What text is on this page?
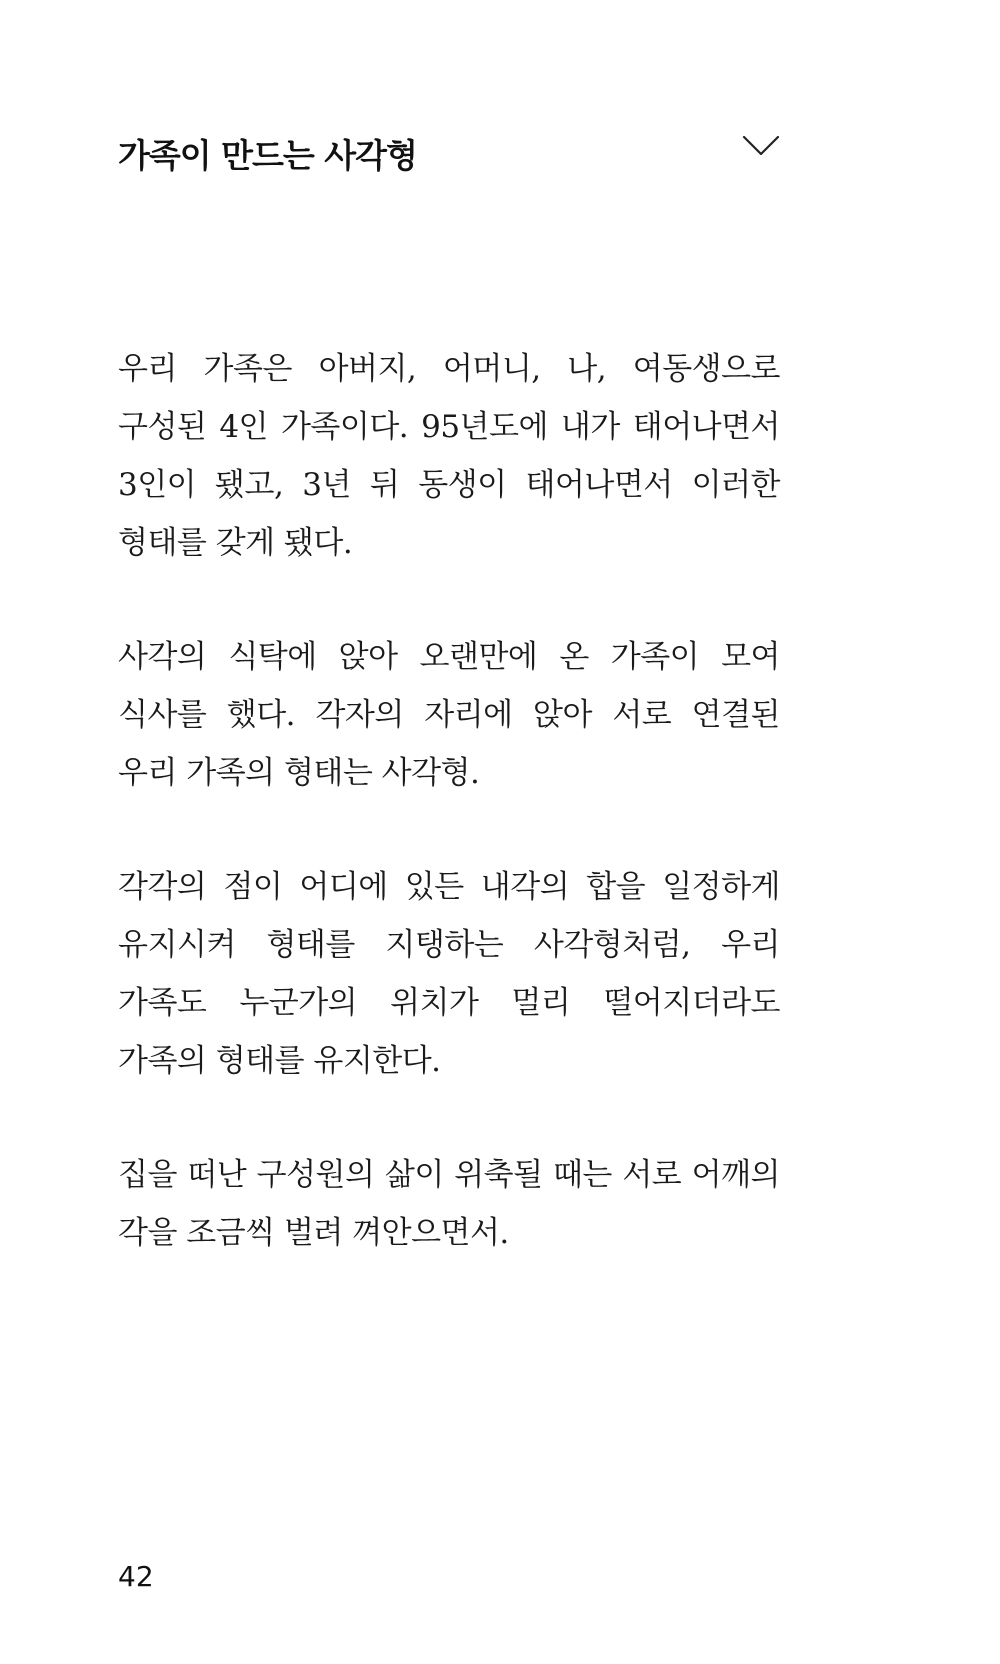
가족이 만드는 사각형

우리 가족은 아버지, 어머니, 나, 여동생으로 구성된 4인 가족이다. 95년도에 내가 태어나면서 3인이 됐고, 3년 뒤 동생이 태어나면서 이러한 형태를 갖게 됐다.

사각의 식탁에 앉아 오랜만에 온 가족이 모여 식사를 했다. 각자의 자리에 앉아 서로 연결된 우리 가족의 형태는 사각형.

각각의 점이 어디에 있든 내각의 합을 일정하게 유지시켜 형태를 지탱하는 사각형처럼, 우리 가족도 누군가의 위치가 멀리 떨어지더라도 가족의 형태를 유지한다.

집을 떠난 구성원의 삶이 위축될 때는 서로 어깨의 각을 조금씩 벌려 껴안으면서.

42
